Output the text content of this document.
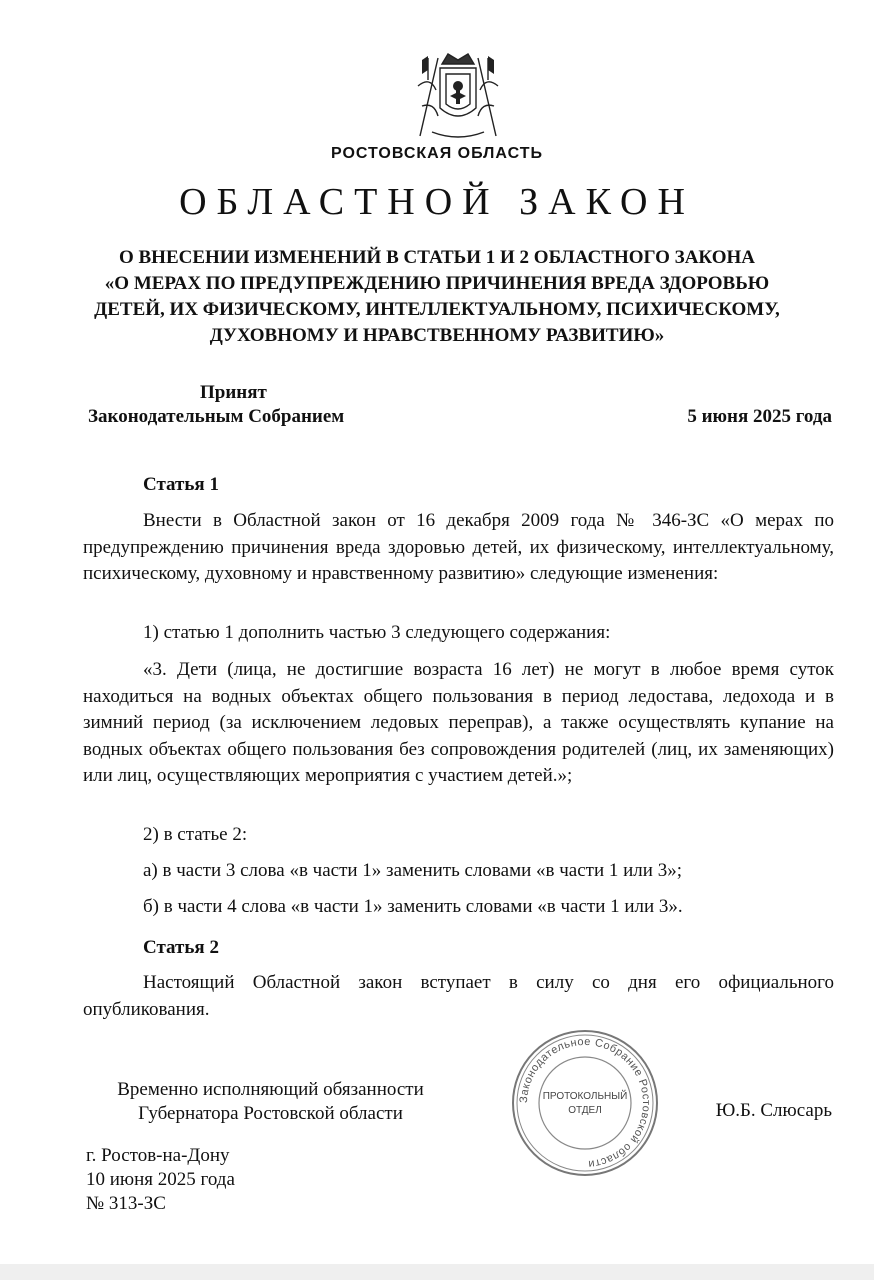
РОСТОВСКАЯ ОБЛАСТЬ
ОБЛАСТНОЙ ЗАКОН
О ВНЕСЕНИИ ИЗМЕНЕНИЙ В СТАТЬИ 1 И 2 ОБЛАСТНОГО ЗАКОНА
«О МЕРАХ ПО ПРЕДУПРЕЖДЕНИЮ ПРИЧИНЕНИЯ ВРЕДА ЗДОРОВЬЮ
ДЕТЕЙ, ИХ ФИЗИЧЕСКОМУ, ИНТЕЛЛЕКТУАЛЬНОМУ, ПСИХИЧЕСКОМУ,
ДУХОВНОМУ И НРАВСТВЕННОМУ РАЗВИТИЮ»
Принят
Законодательным Собранием	5 июня 2025 года
Статья 1

Внести в Областной закон от 16 декабря 2009 года № 346-ЗС «О мерах по предупреждению причинения вреда здоровью детей, их физическому, интеллектуальному, психическому, духовному и нравственному развитию» следующие изменения:

1) статью 1 дополнить частью 3 следующего содержания:

«3. Дети (лица, не достигшие возраста 16 лет) не могут в любое время суток находиться на водных объектах общего пользования в период ледостава, ледохода и в зимний период (за исключением ледовых переправ), а также осуществлять купание на водных объектах общего пользования без сопровождения родителей (лиц, их заменяющих) или лиц, осуществляющих мероприятия с участием детей.»;

2) в статье 2:
а) в части 3 слова «в части 1» заменить словами «в части 1 или 3»;
б) в части 4 слова «в части 1» заменить словами «в части 1 или 3».
Статья 2

Настоящий Областной закон вступает в силу со дня его официального опубликования.

Временно исполняющий обязанности
Губернатора Ростовской области
Законодательное Собрание Ростовской области
ПРОТОКОЛЬНЫЙ
ОТДЕЛ	Ю.Б. Слюсарь
г. Ростов-на-Дону
10 июня 2025 года
№ 313-ЗС
